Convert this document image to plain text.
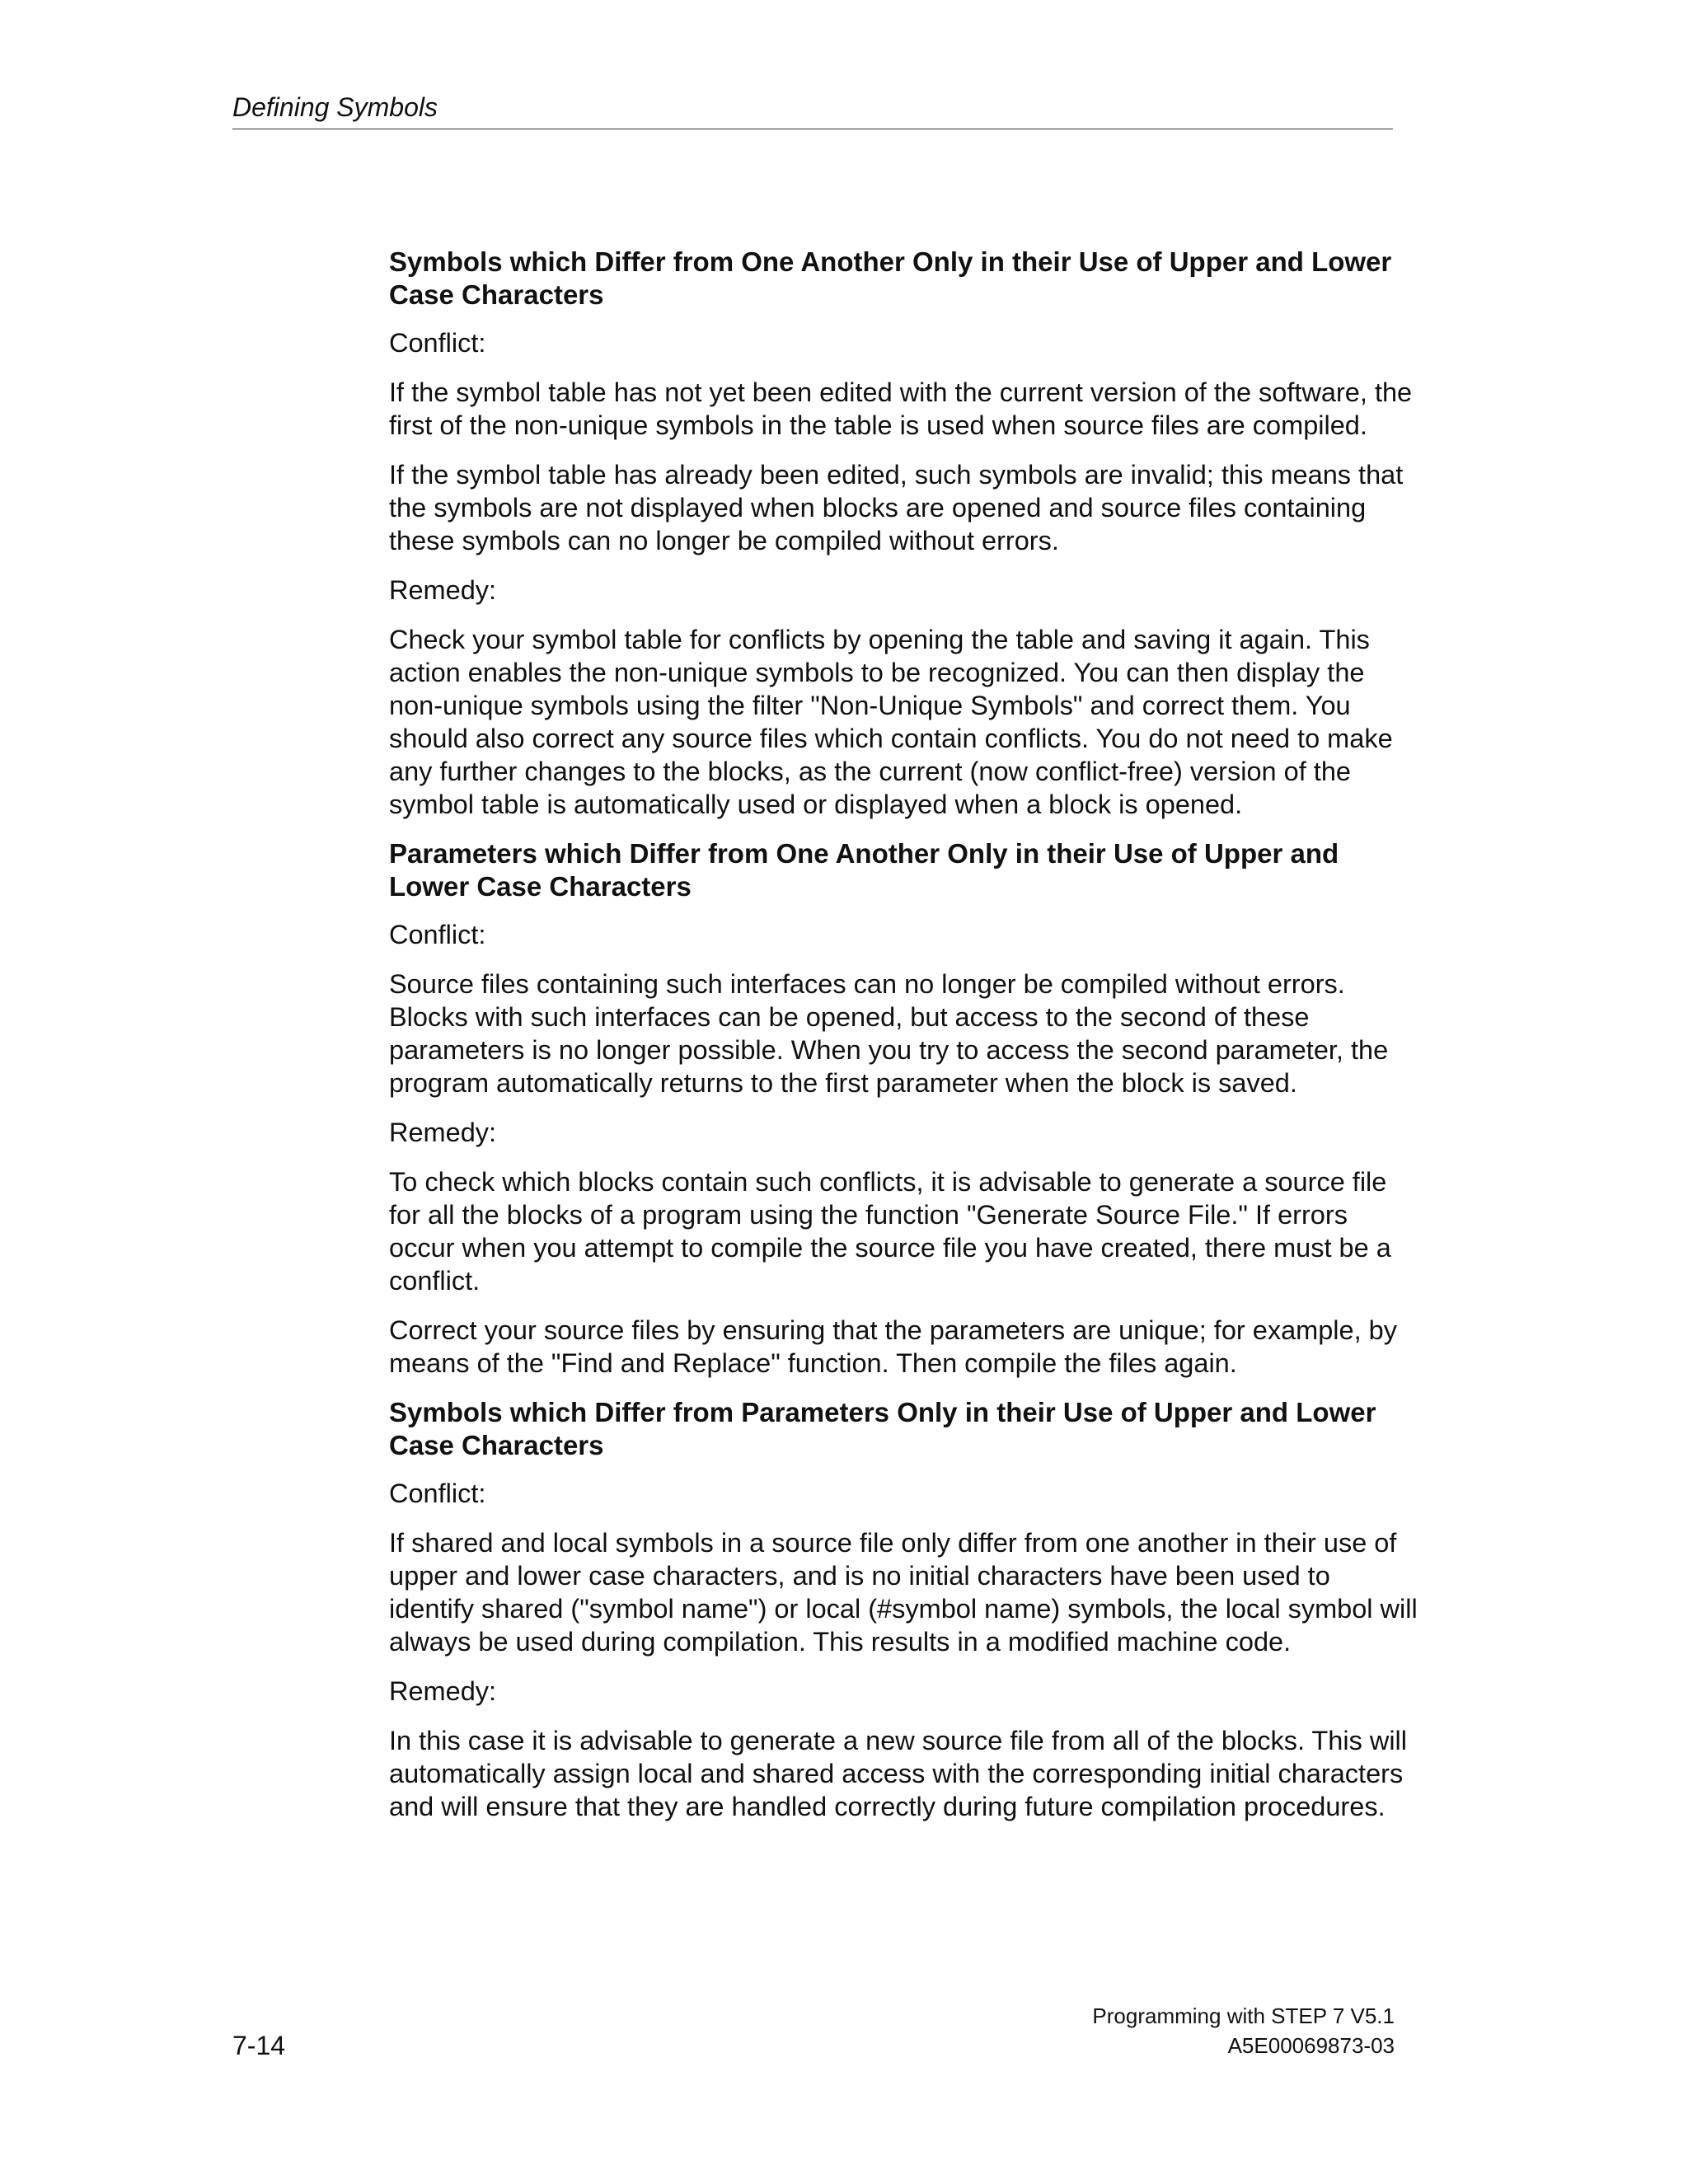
Defining Symbols
Symbols which Differ from One Another Only in their Use of Upper and Lower Case Characters
Conflict:
If the symbol table has not yet been edited with the current version of the software, the first of the non-unique symbols in the table is used when source files are compiled.
If the symbol table has already been edited, such symbols are invalid; this means that the symbols are not displayed when blocks are opened and source files containing these symbols can no longer be compiled without errors.
Remedy:
Check your symbol table for conflicts by opening the table and saving it again. This action enables the non-unique symbols to be recognized. You can then display the non-unique symbols using the filter "Non-Unique Symbols" and correct them. You should also correct any source files which contain conflicts. You do not need to make any further changes to the blocks, as the current (now conflict-free) version of the symbol table is automatically used or displayed when a block is opened.
Parameters which Differ from One Another Only in their Use of Upper and Lower Case Characters
Conflict:
Source files containing such interfaces can no longer be compiled without errors. Blocks with such interfaces can be opened, but access to the second of these parameters is no longer possible. When you try to access the second parameter, the program automatically returns to the first parameter when the block is saved.
Remedy:
To check which blocks contain such conflicts, it is advisable to generate a source file for all the blocks of a program using the function "Generate Source File." If errors occur when you attempt to compile the source file you have created, there must be a conflict.
Correct your source files by ensuring that the parameters are unique; for example, by means of the "Find and Replace" function. Then compile the files again.
Symbols which Differ from Parameters Only in their Use of Upper and Lower Case Characters
Conflict:
If shared and local symbols in a source file only differ from one another in their use of upper and lower case characters, and is no initial characters have been used to identify shared ("symbol name") or local (#symbol name) symbols, the local symbol will always be used during compilation. This results in a modified machine code.
Remedy:
In this case it is advisable to generate a new source file from all of the blocks. This will automatically assign local and shared access with the corresponding initial characters and will ensure that they are handled correctly during future compilation procedures.
7-14
Programming with STEP 7 V5.1
A5E00069873-03
